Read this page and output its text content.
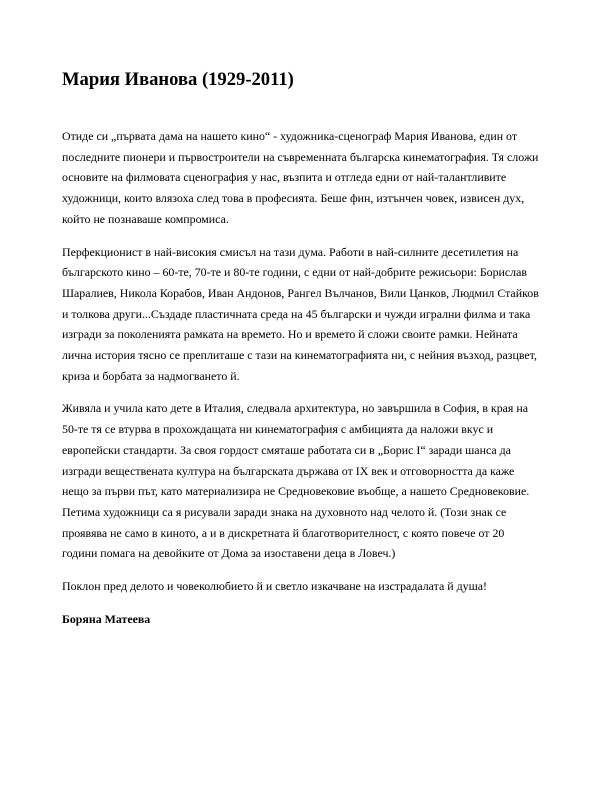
Мария Иванова (1929-2011)

Отиде си „първата дама на нашето кино“ - художника-сценограф Мария Иванова, един от последните пионери и първостроители на съвременната българска кинематография. Тя сложи основите на филмовата сценография у нас, възпита и отгледа едни от най-талантливите художници, които влязоха след това в професията. Беше фин, изтънчен човек, извисен дух, който не познаваше компромиса.

Перфекционист в най-високия смисъл на тази дума. Работи в най-силните десетилетия на българското кино – 60-те, 70-те и 80-те години, с едни от най-добрите режисьори: Борислав Шаралиев, Никола Корабов, Иван Андонов, Рангел Вълчанов, Вили Цанков, Людмил Стайков и толкова други...Създаде пластичната среда на 45 български и чужди игрални филма и така изгради за поколенията рамката на времето. Но и времето й сложи своите рамки. Нейната лична история тясно се преплиташе с тази на кинематографията ни, с нейния възход, разцвет, криза и борбата за надмогването й.

Живяла и учила като дете в Италия, следвала архитектура, но завършила в София, в края на 50-те тя се втурва в прохождащата ни кинематография с амбицията да наложи вкус и европейски стандарти. За своя гордост смяташе работата си в „Борис I“ заради шанса да изгради веществената култура на българската държава от IX век и отговорността да каже нещо за първи път, като материализира не Средновековие въобще, а нашето Средновековие. Петима художници са я рисували заради знака на духовното над челото й. (Този знак се проявява не само в киното, а и в дискретната й благотворителност, с която повече от 20 години помага на девойките от Дома за изоставени деца в Ловеч.)

Поклон пред делото и човеколюбието й и светло изкачване на изстрадалата й душа!

Боряна Матеева
